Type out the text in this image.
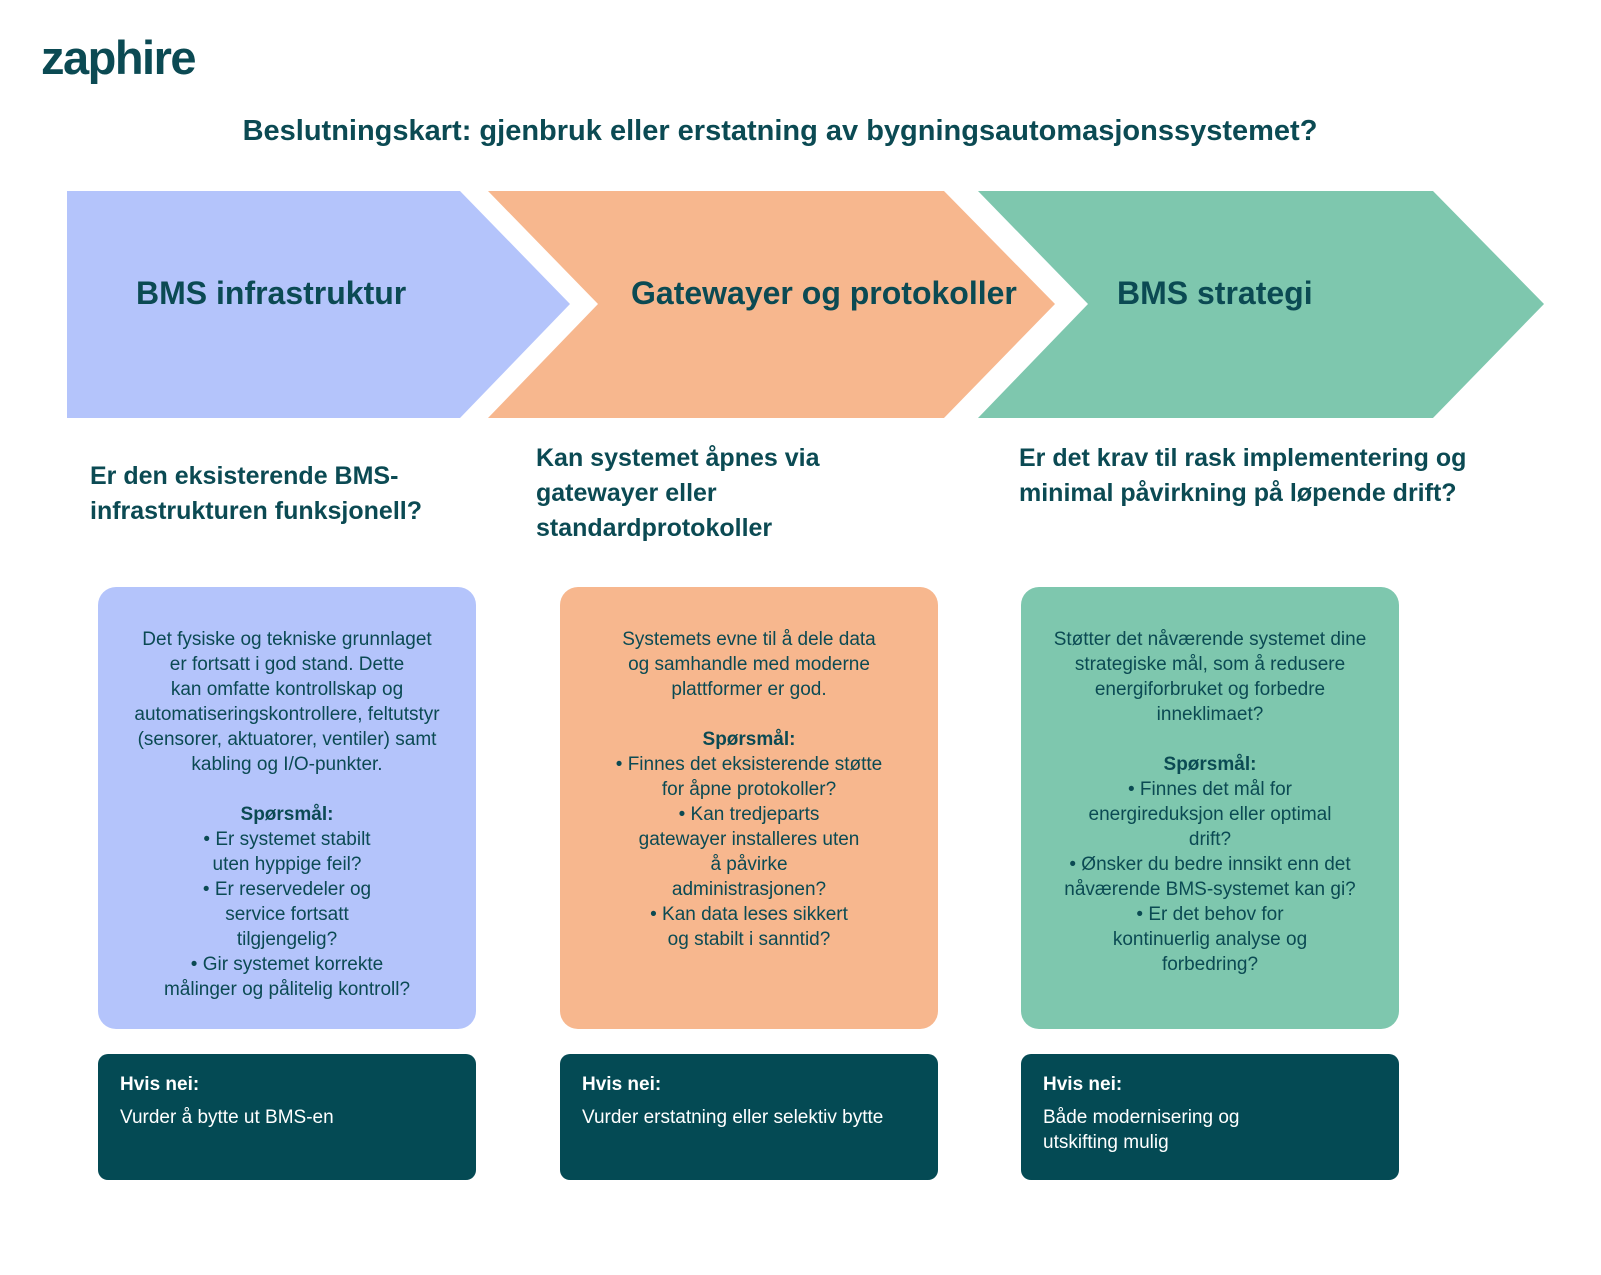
zaphire
Beslutningskart: gjenbruk eller erstatning av bygningsautomasjonssystemet?
BMS infrastruktur	Gatewayer og protokoller	BMS strategi
Er den eksisterende BMS-infrastrukturen funksjonell?
Kan systemet åpnes via gatewayer eller standardprotokoller
Er det krav til rask implementering og minimal påvirkning på løpende drift?
Det fysiske og tekniske grunnlaget
er fortsatt i god stand. Dette
kan omfatte kontrollskap og
automatiseringskontrollere, feltutstyr
(sensorer, aktuatorer, ventiler) samt
kabling og I/O-punkter.
Spørsmål:
• Er systemet stabilt uten hyppige feil?
• Er reservedeler og service fortsatt tilgjengelig?
• Gir systemet korrekte målinger og pålitelig kontroll?
Systemets evne til å dele data
og samhandle med moderne
plattformer er god.
Spørsmål:
• Finnes det eksisterende støtte for åpne protokoller?
• Kan tredjeparts gatewayer installeres uten å påvirke administrasjonen?
• Kan data leses sikkert og stabilt i sanntid?
Støtter det nåværende systemet dine
strategiske mål, som å redusere
energiforbruket og forbedre
inneklimaet?
Spørsmål:
• Finnes det mål for energireduksjon eller optimal drift?
• Ønsker du bedre innsikt enn det nåværende BMS-systemet kan gi?
• Er det behov for kontinuerlig analyse og forbedring?
Hvis nei:
Vurder å bytte ut BMS-en
Hvis nei:
Vurder erstatning eller selektiv bytte
Hvis nei:
Både modernisering og utskifting mulig
